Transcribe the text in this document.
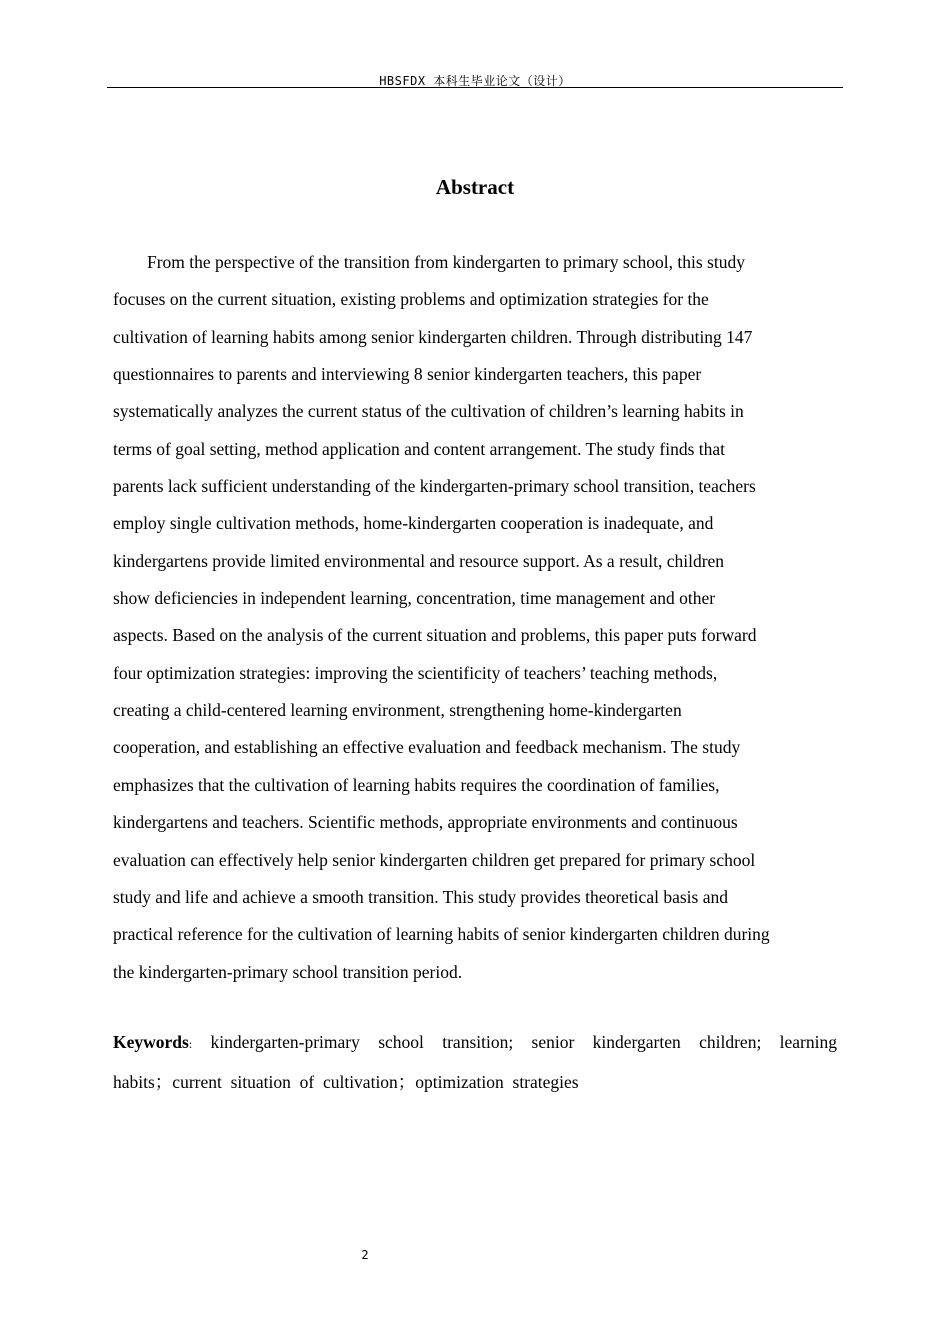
HBSFDX 本科生毕业论文（设计）
Abstract

From the perspective of the transition from kindergarten to primary school, this study
focuses on the current situation, existing problems and optimization strategies for the
cultivation of learning habits among senior kindergarten children. Through distributing 147
questionnaires to parents and interviewing 8 senior kindergarten teachers, this paper
systematically analyzes the current status of the cultivation of children’s learning habits in
terms of goal setting, method application and content arrangement. The study finds that
parents lack sufficient understanding of the kindergarten-primary school transition, teachers
employ single cultivation methods, home-kindergarten cooperation is inadequate, and
kindergartens provide limited environmental and resource support. As a result, children
show deficiencies in independent learning, concentration, time management and other
aspects. Based on the analysis of the current situation and problems, this paper puts forward
four optimization strategies: improving the scientificity of teachers’ teaching methods,
creating a child-centered learning environment, strengthening home-kindergarten
cooperation, and establishing an effective evaluation and feedback mechanism. The study
emphasizes that the cultivation of learning habits requires the coordination of families,
kindergartens and teachers. Scientific methods, appropriate environments and continuous
evaluation can effectively help senior kindergarten children get prepared for primary school
study and life and achieve a smooth transition. This study provides theoretical basis and
practical reference for the cultivation of learning habits of senior kindergarten children during
the kindergarten-primary school transition period.

Keywords: kindergarten-primary school transition; senior kindergarten children; learning
habits；current  situation  of  cultivation；optimization  strategies

2
